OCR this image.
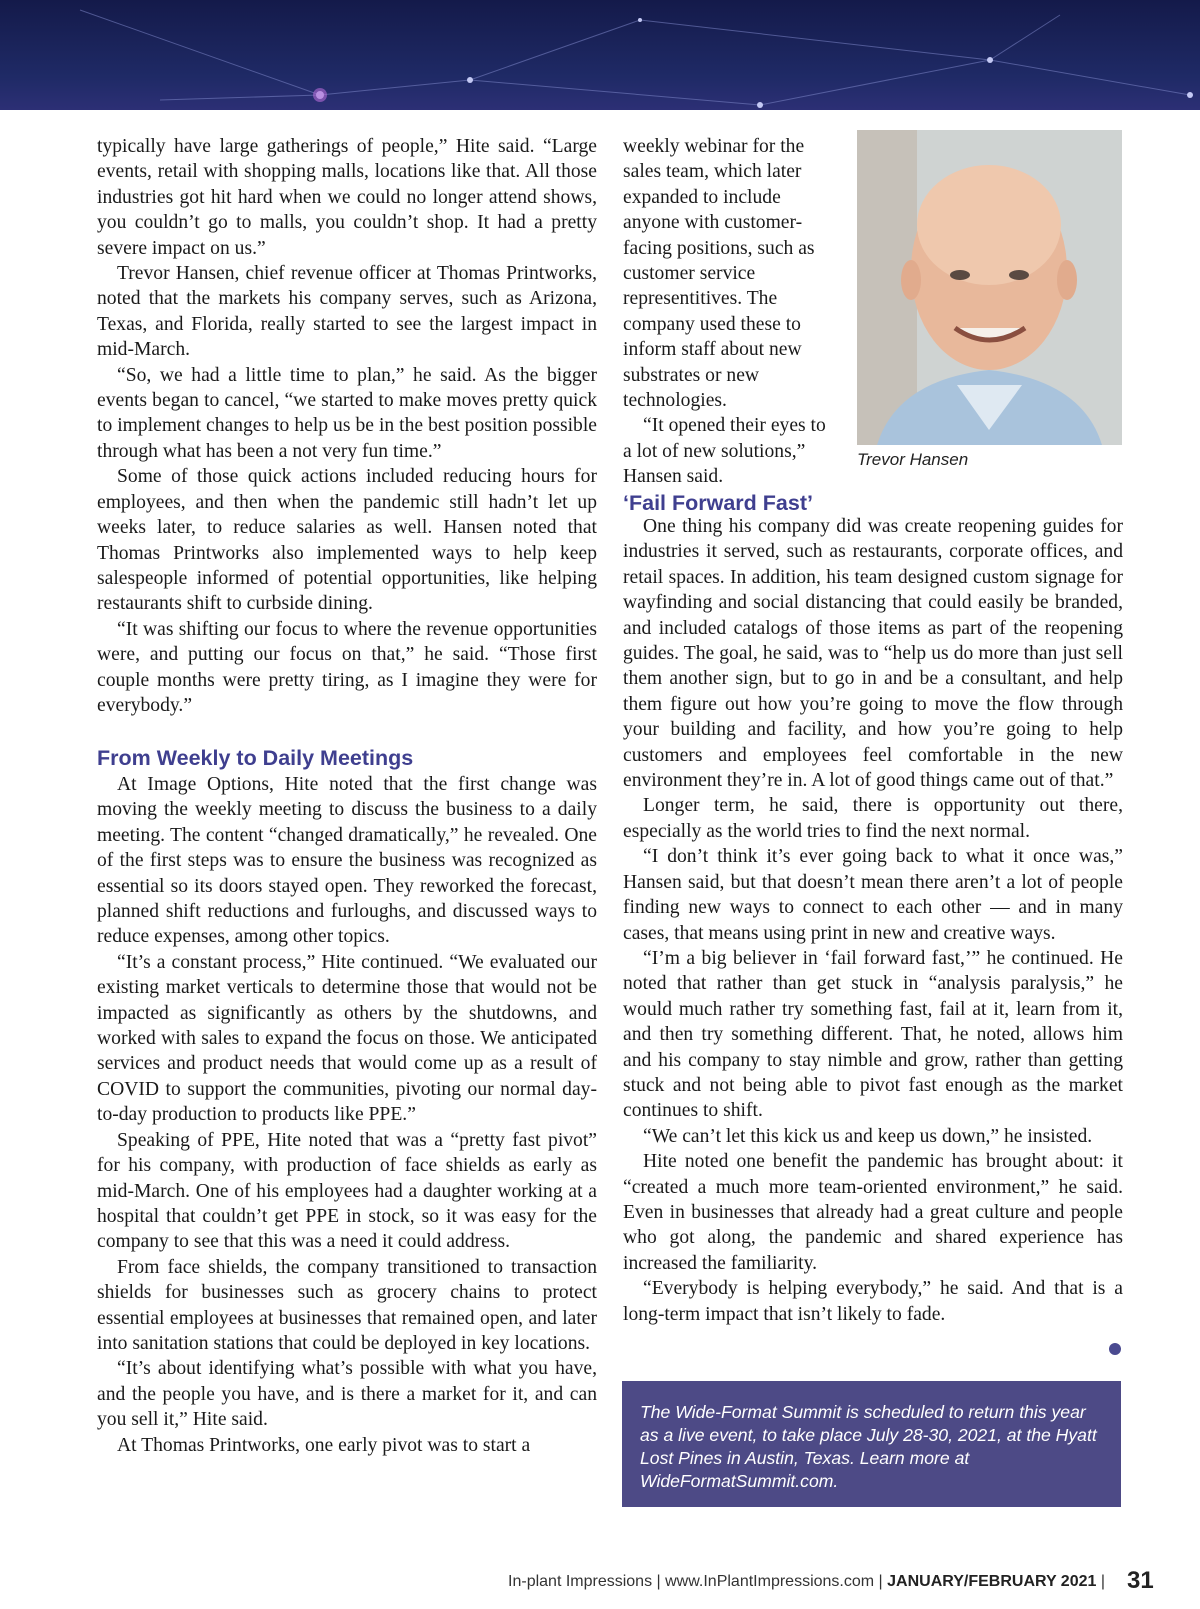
typically have large gatherings of people,” Hite said. “Large events, retail with shopping malls, locations like that. All those industries got hit hard when we could no longer attend shows, you couldn’t go to malls, you couldn’t shop. It had a pretty severe impact on us.”

Trevor Hansen, chief revenue officer at Thomas Printworks, noted that the markets his company serves, such as Arizona, Texas, and Florida, really started to see the largest impact in mid-March.

“So, we had a little time to plan,” he said. As the bigger events began to cancel, “we started to make moves pretty quick to implement changes to help us be in the best position possible through what has been a not very fun time.”

Some of those quick actions included reducing hours for employees, and then when the pandemic still hadn’t let up weeks later, to reduce salaries as well. Hansen noted that Thomas Printworks also implemented ways to help keep salespeople informed of potential opportunities, like helping restaurants shift to curbside dining.

“It was shifting our focus to where the revenue opportunities were, and putting our focus on that,” he said. “Those first couple months were pretty tiring, as I imagine they were for everybody.”

From Weekly to Daily Meetings

At Image Options, Hite noted that the first change was moving the weekly meeting to discuss the business to a daily meeting. The content “changed dramatically,” he revealed. One of the first steps was to ensure the business was recognized as essential so its doors stayed open. They reworked the forecast, planned shift reductions and furloughs, and discussed ways to reduce expenses, among other topics.

“It’s a constant process,” Hite continued. “We evaluated our existing market verticals to determine those that would not be impacted as significantly as others by the shutdowns, and worked with sales to expand the focus on those. We anticipated services and product needs that would come up as a result of COVID to support the communities, pivoting our normal day-to-day production to products like PPE.”

Speaking of PPE, Hite noted that was a “pretty fast pivot” for his company, with production of face shields as early as mid-March. One of his employees had a daughter working at a hospital that couldn’t get PPE in stock, so it was easy for the company to see that this was a need it could address.

From face shields, the company transitioned to transaction shields for businesses such as grocery chains to protect essential employees at businesses that remained open, and later into sanitation stations that could be deployed in key locations.

“It’s about identifying what’s possible with what you have, and the people you have, and is there a market for it, and can you sell it,” Hite said.

At Thomas Printworks, one early pivot was to start a

weekly webinar for the sales team, which later expanded to include anyone with customer-facing positions, such as customer service representitives. The company used these to inform staff about new substrates or new technologies.

“It opened their eyes to a lot of new solutions,” Hansen said.

Trevor Hansen
‘Fail Forward Fast’

One thing his company did was create reopening guides for industries it served, such as restaurants, corporate offices, and retail spaces. In addition, his team designed custom signage for wayfinding and social distancing that could easily be branded, and included catalogs of those items as part of the reopening guides. The goal, he said, was to “help us do more than just sell them another sign, but to go in and be a consultant, and help them figure out how you’re going to move the flow through your building and facility, and how you’re going to help customers and employees feel comfortable in the new environment they’re in. A lot of good things came out of that.”

Longer term, he said, there is opportunity out there, especially as the world tries to find the next normal.

“I don’t think it’s ever going back to what it once was,” Hansen said, but that doesn’t mean there aren’t a lot of people finding new ways to connect to each other — and in many cases, that means using print in new and creative ways.

“I’m a big believer in ‘fail forward fast,’” he continued. He noted that rather than get stuck in “analysis paralysis,” he would much rather try something fast, fail at it, learn from it, and then try something different. That, he noted, allows him and his company to stay nimble and grow, rather than getting stuck and not being able to pivot fast enough as the market continues to shift.

“We can’t let this kick us and keep us down,” he insisted.

Hite noted one benefit the pandemic has brought about: it “created a much more team-oriented environment,” he said. Even in businesses that already had a great culture and people who got along, the pandemic and shared experience has increased the familiarity.

“Everybody is helping everybody,” he said. And that is a long-term impact that isn’t likely to fade.

The Wide-Format Summit is scheduled to return this year as a live event, to take place July 28-30, 2021, at the Hyatt Lost Pines in Austin, Texas. Learn more at WideFormatSummit.com.
In-plant Impressions | www.InPlantImpressions.com | JANUARY/FEBRUARY 2021 | 31
